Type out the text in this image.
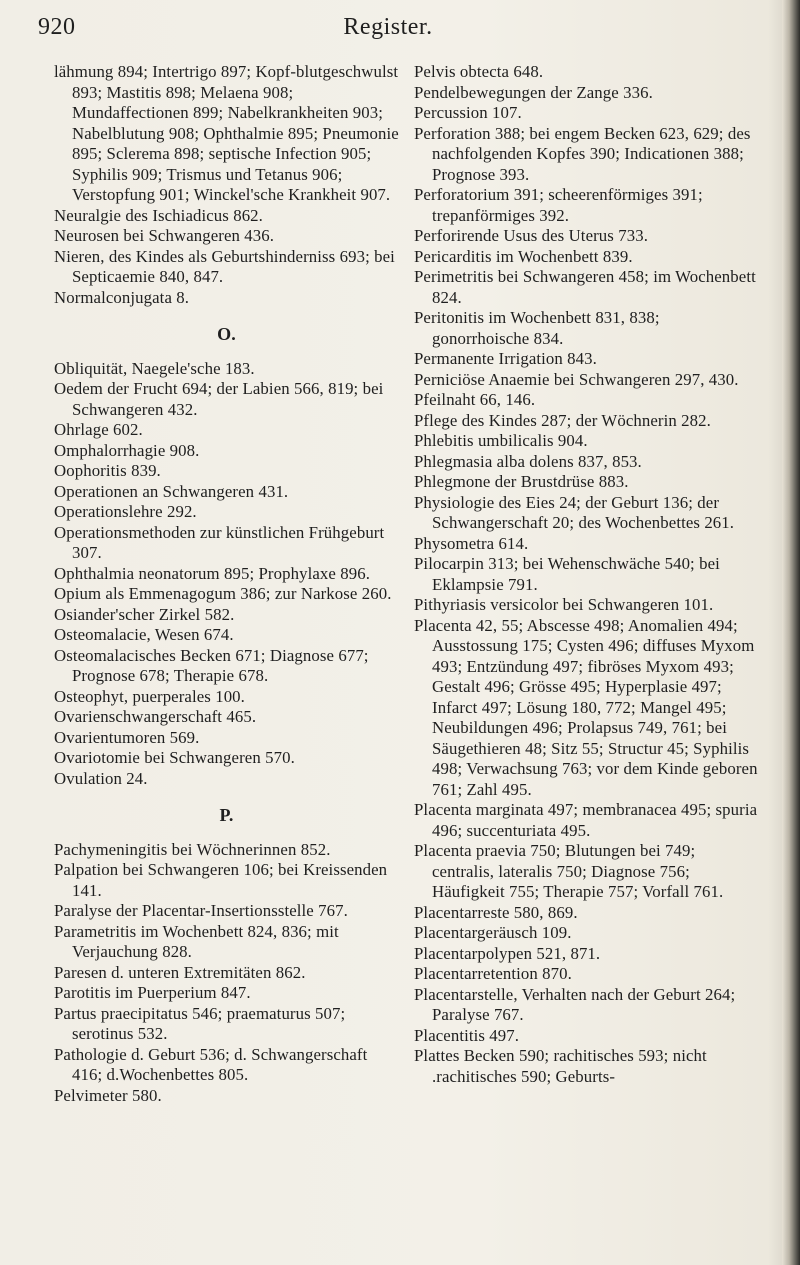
920	Register.

lähmung 894; Intertrigo 897; Kopf-blutgeschwulst 893; Mastitis 898; Melaena 908; Mundaffectionen 899; Nabelkrankheiten 903; Nabelblutung 908; Ophthalmie 895; Pneumonie 895; Sclerema 898; septische Infection 905; Syphilis 909; Trismus und Tetanus 906; Verstopfung 901; Winckel'sche Krankheit 907.

Neuralgie des Ischiadicus 862.

Neurosen bei Schwangeren 436.

Nieren, des Kindes als Geburtshinderniss 693; bei Septicaemie 840, 847.

Normalconjugata 8.

O.

Obliquität, Naegele'sche 183.

Oedem der Frucht 694; der Labien 566, 819; bei Schwangeren 432.

Ohrlage 602.

Omphalorrhagie 908.

Oophoritis 839.

Operationen an Schwangeren 431.

Operationslehre 292.

Operationsmethoden zur künstlichen Frühgeburt 307.

Ophthalmia neonatorum 895; Prophylaxe 896.

Opium als Emmenagogum 386; zur Narkose 260.

Osiander'scher Zirkel 582.

Osteomalacie, Wesen 674.

Osteomalacisches Becken 671; Diagnose 677; Prognose 678; Therapie 678.

Osteophyt, puerperales 100.

Ovarienschwangerschaft 465.

Ovarientumoren 569.

Ovariotomie bei Schwangeren 570.

Ovulation 24.

P.

Pachymeningitis bei Wöchnerinnen 852.

Palpation bei Schwangeren 106; bei Kreissenden 141.

Paralyse der Placentar-Insertionsstelle 767.

Parametritis im Wochenbett 824, 836; mit Verjauchung 828.

Paresen d. unteren Extremitäten 862.

Parotitis im Puerperium 847.

Partus praecipitatus 546; praematurus 507; serotinus 532.

Pathologie d. Geburt 536; d. Schwangerschaft 416; d.Wochenbettes 805.

Pelvimeter 580.

Pelvis obtecta 648.

Pendelbewegungen der Zange 336.

Percussion 107.

Perforation 388; bei engem Becken 623, 629; des nachfolgenden Kopfes 390; Indicationen 388; Prognose 393.

Perforatorium 391; scheerenförmiges 391; trepanförmiges 392.

Perforirende Usus des Uterus 733.

Pericarditis im Wochenbett 839.

Perimetritis bei Schwangeren 458; im Wochenbett 824.

Peritonitis im Wochenbett 831, 838; gonorrhoische 834.

Permanente Irrigation 843.

Perniciöse Anaemie bei Schwangeren 297, 430.

Pfeilnaht 66, 146.

Pflege des Kindes 287; der Wöchnerin 282.

Phlebitis umbilicalis 904.

Phlegmasia alba dolens 837, 853.

Phlegmone der Brustdrüse 883.

Physiologie des Eies 24; der Geburt 136; der Schwangerschaft 20; des Wochenbettes 261.

Physometra 614.

Pilocarpin 313; bei Wehenschwäche 540; bei Eklampsie 791.

Pithyriasis versicolor bei Schwangeren 101.

Placenta 42, 55; Abscesse 498; Anomalien 494; Ausstossung 175; Cysten 496; diffuses Myxom 493; Entzündung 497; fibröses Myxom 493; Gestalt 496; Grösse 495; Hyperplasie 497; Infarct 497; Lösung 180, 772; Mangel 495; Neubildungen 496; Prolapsus 749, 761; bei Säugethieren 48; Sitz 55; Structur 45; Syphilis 498; Verwachsung 763; vor dem Kinde geboren 761; Zahl 495.

Placenta marginata 497; membranacea 495; spuria 496; succenturiata 495.

Placenta praevia 750; Blutungen bei 749; centralis, lateralis 750; Diagnose 756; Häufigkeit 755; Therapie 757; Vorfall 761.

Placentarreste 580, 869.

Placentargeräusch 109.

Placentarpolypen 521, 871.

Placentarretention 870.

Placentarstelle, Verhalten nach der Geburt 264; Paralyse 767.

Placentitis 497.

Plattes Becken 590; rachitisches 593; nicht .rachitisches 590; Geburts-
